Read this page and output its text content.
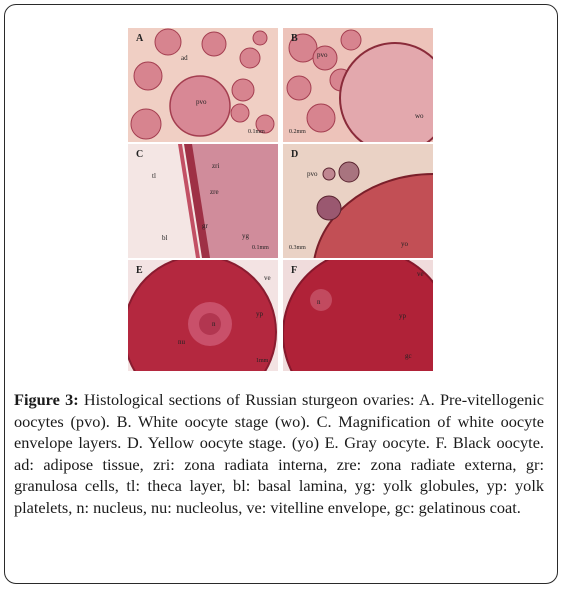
A
ad
pvo
0.1mm
B
pvo
wo
0.2mm
C
zri
zre
tl
gr
bl	yg
0.1mm
D
pvo
yo
0.3mm
E
ve
yp
n
nu
1mm
F	ve
n
yp
gc

Figure 3: Histological sections of Russian sturgeon ovaries: A. Pre-vitellogenic oocytes (pvo). B. White oocyte stage (wo). C. Magnification of white oocyte envelope layers. D. Yellow oocyte stage. (yo) E. Gray oocyte. F. Black oocyte. ad: adipose tissue, zri: zona radiata interna, zre: zona radiate externa, gr: granulosa cells, tl: theca layer, bl: basal lamina, yg: yolk globules, yp: yolk platelets, n: nucleus, nu: nucleolus, ve: vitelline envelope, gc: gelatinous coat.
